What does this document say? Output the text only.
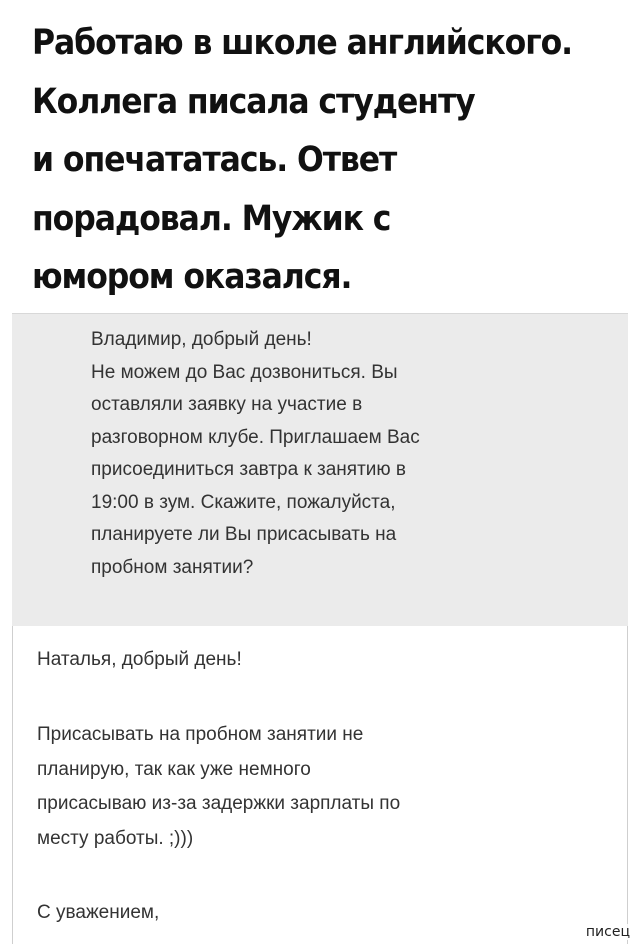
Работаю в школе английского.
Коллега писала студенту
и опечататась. Ответ
порадовал. Мужик с
юмором оказался.
Владимир, добрый день!
Не можем до Вас дозвониться. Вы
оставляли заявку на участие в
разговорном клубе. Приглашаем Вас
присоединиться завтра к занятию в
19:00 в зум. Скажите, пожалуйста,
планируете ли Вы присасывать на
пробном занятии?
Наталья, добрый день!
Присасывать на пробном занятии не
планирую, так как уже немного
присасываю из-за задержки зарплаты по
месту работы. ;)))
С уважением,
писец
